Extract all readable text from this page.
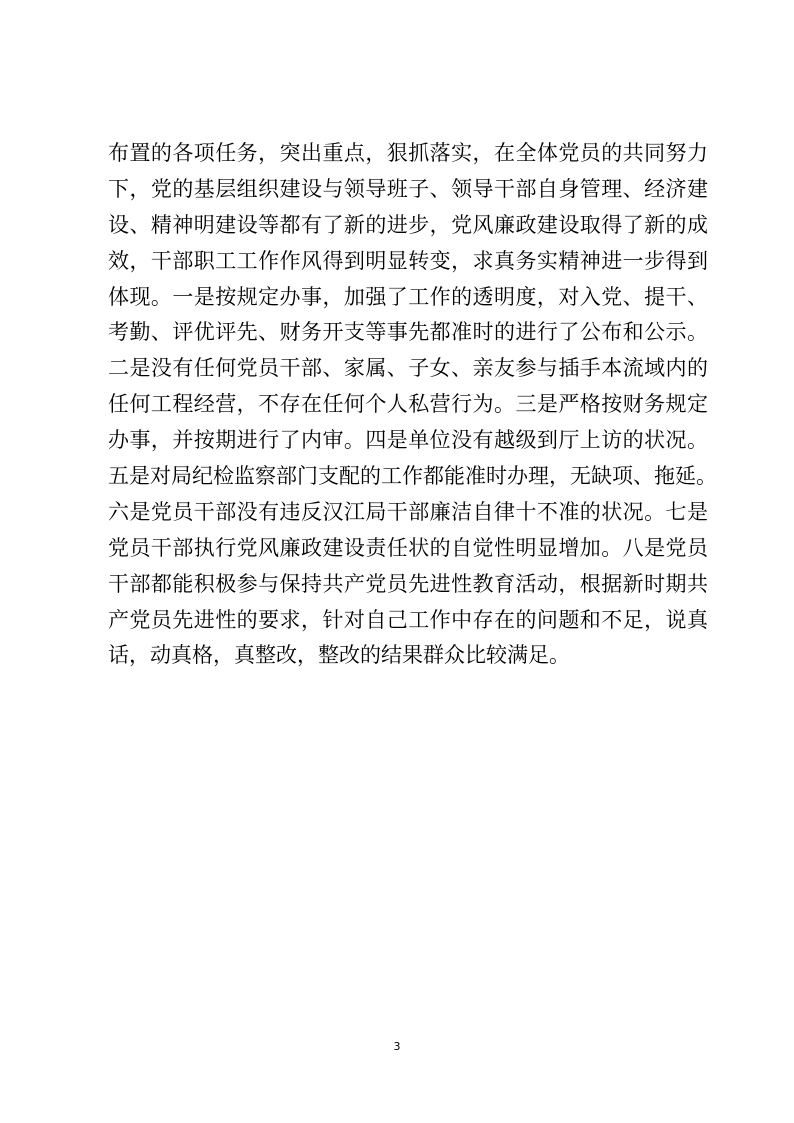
布置的各项任务，突出重点，狠抓落实，在全体党员的共同努力
下，党的基层组织建设与领导班子、领导干部自身管理、经济建
设、精神明建设等都有了新的进步，党风廉政建设取得了新的成
效，干部职工工作作风得到明显转变，求真务实精神进一步得到
体现。一是按规定办事，加强了工作的透明度，对入党、提干、
考勤、评优评先、财务开支等事先都准时的进行了公布和公示。
二是没有任何党员干部、家属、子女、亲友参与插手本流域内的
任何工程经营，不存在任何个人私营行为。三是严格按财务规定
办事，并按期进行了内审。四是单位没有越级到厅上访的状况。
五是对局纪检监察部门支配的工作都能准时办理，无缺项、拖延。
六是党员干部没有违反汉江局干部廉洁自律十不准的状况。七是
党员干部执行党风廉政建设责任状的自觉性明显增加。八是党员
干部都能积极参与保持共产党员先进性教育活动，根据新时期共
产党员先进性的要求，针对自己工作中存在的问题和不足，说真
话，动真格，真整改，整改的结果群众比较满足。
3
